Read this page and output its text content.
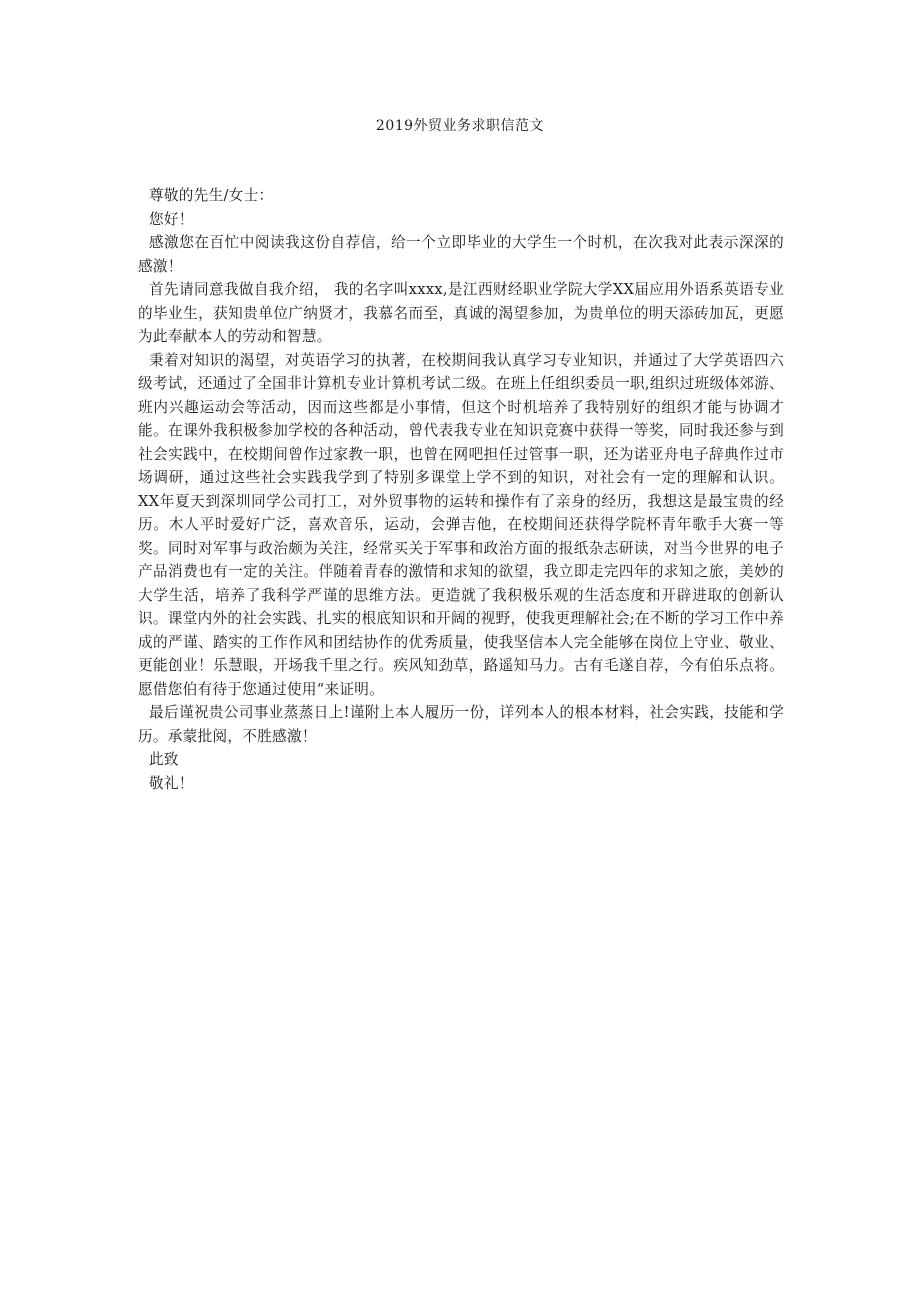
2019外贸业务求职信范文

尊敬的先生/女士：

您好！

感激您在百忙中阅读我这份自荐信，给一个立即毕业的大学生一个时机，在次我对此表示深深的感激！

首先请同意我做自我介绍， 我的名字叫xxxx,是江西财经职业学院大学XX届应用外语系英语专业的毕业生，获知贵单位广纳贤才，我慕名而至，真诚的渴望参加，为贵单位的明天添砖加瓦，更愿为此奉献本人的劳动和智慧。

秉着对知识的渴望，对英语学习的执著，在校期间我认真学习专业知识，并通过了大学英语四六级考试，还通过了全国非计算机专业计算机考试二级。在班上任组织委员一职,组织过班级体郊游、班内兴趣运动会等活动，因而这些都是小事情，但这个时机培养了我特别好的组织才能与协调才能。在课外我积极参加学校的各种活动，曾代表我专业在知识竞赛中获得一等奖，同时我还参与到社会实践中，在校期间曾作过家教一职，也曾在网吧担任过管事一职，还为诺亚舟电子辞典作过市场调研，通过这些社会实践我学到了特别多课堂上学不到的知识，对社会有一定的理解和认识。XX年夏天到深圳同学公司打工，对外贸事物的运转和操作有了亲身的经历，我想这是最宝贵的经历。木人平时爱好广泛，喜欢音乐，运动，会弹吉他，在校期间还获得学院杯青年歌手大赛一等奖。同时对军事与政治颇为关注，经常买关于军事和政治方面的报纸杂志研读，对当今世界的电子产品消费也有一定的关注。伴随着青春的激情和求知的欲望，我立即走完四年的求知之旅，美妙的大学生活，培养了我科学严谨的思维方法。更造就了我积极乐观的生活态度和开辟进取的创新认识。课堂内外的社会实践、扎实的根底知识和开阔的视野，使我更理解社会;在不断的学习工作中养成的严谨、踏实的工作作风和团结协作的优秀质量，使我坚信本人完全能够在岗位上守业、敬业、更能创业！乐慧眼，开场我千里之行。疾风知劲草，路遥知马力。古有毛遂自荐，今有伯乐点将。愿借您伯有待于您通过使用“来证明。

最后谨祝贵公司事业蒸蒸日上!谨附上本人履历一份，详列本人的根本材料，社会实践，技能和学历。承蒙批阅，不胜感激！

此致

敬礼！
